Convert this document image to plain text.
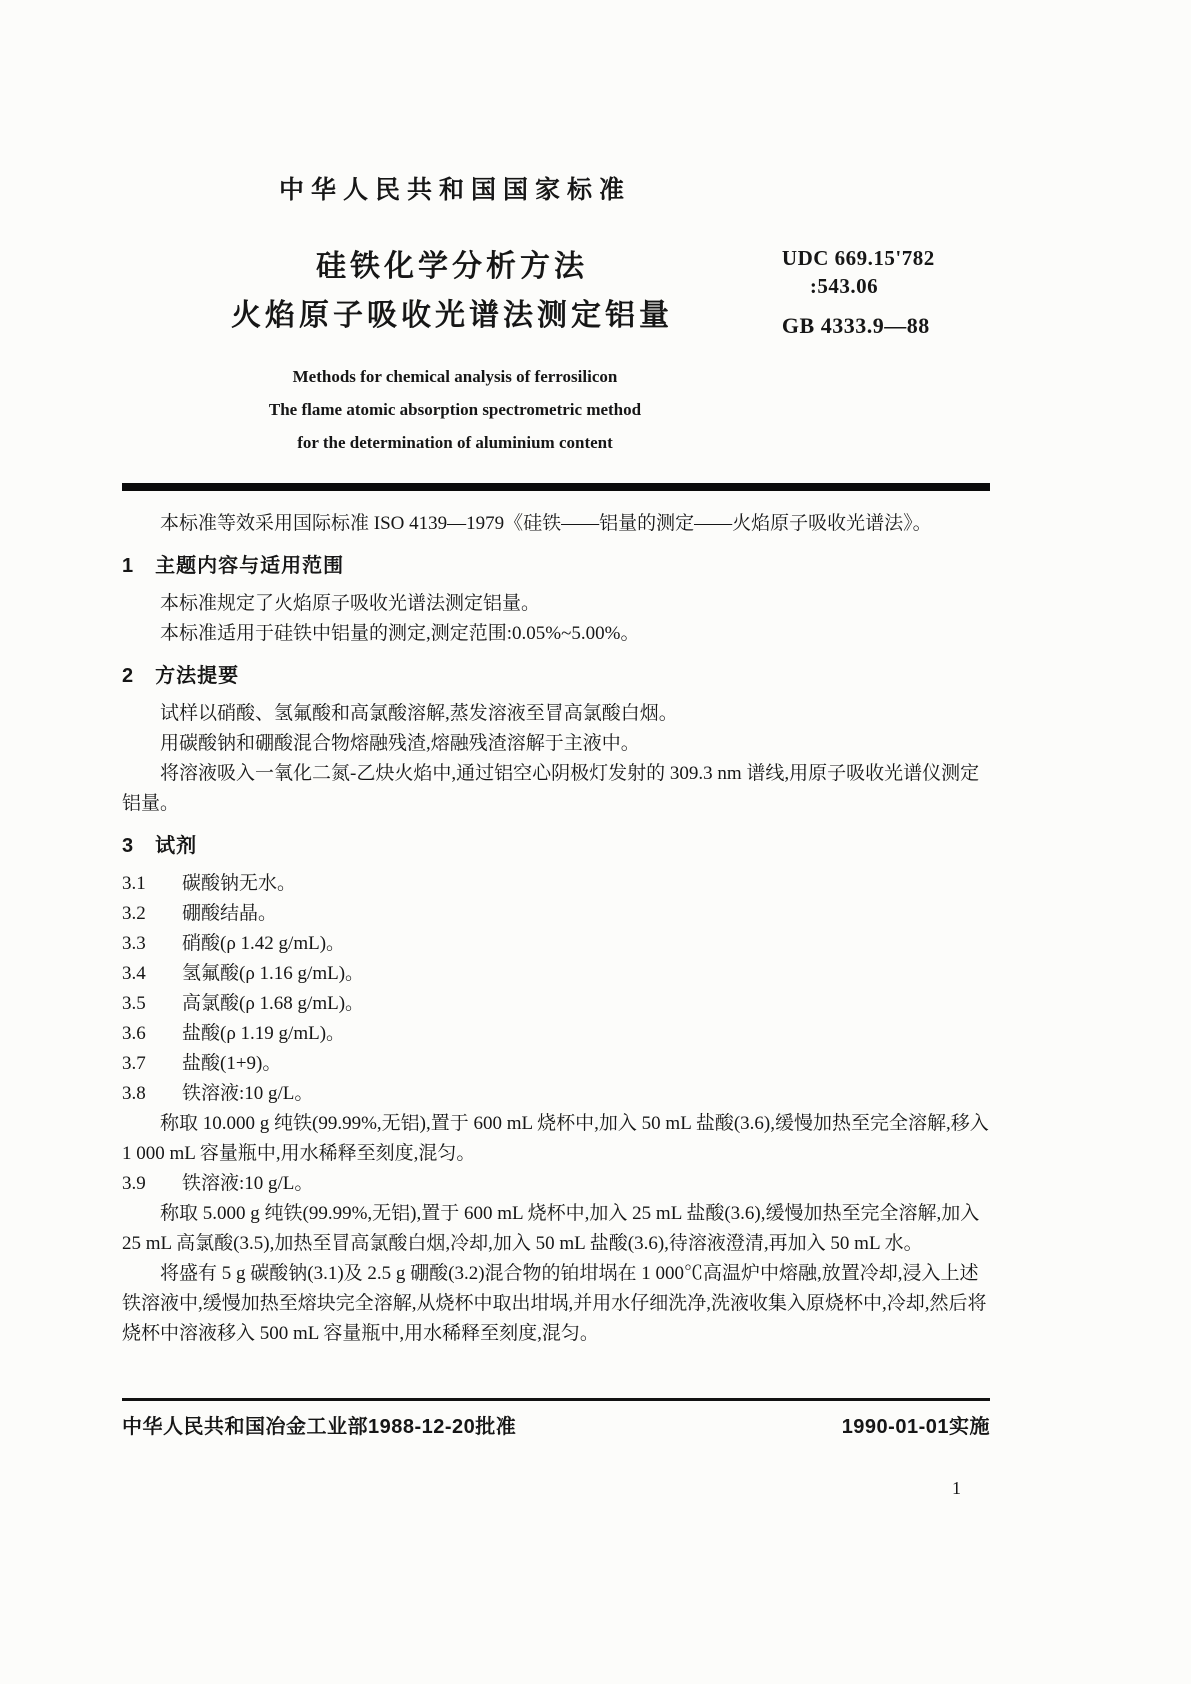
中华人民共和国国家标准
硅铁化学分析方法
火焰原子吸收光谱法测定铝量
UDC 669.15'782
:543.06
GB 4333.9—88
Methods for chemical analysis of ferrosilicon
The flame atomic absorption spectrometric method
for the determination of aluminium content

本标准等效采用国际标准 ISO 4139—1979《硅铁——铝量的测定——火焰原子吸收光谱法》。

1　主题内容与适用范围

本标准规定了火焰原子吸收光谱法测定铝量。

本标准适用于硅铁中铝量的测定,测定范围:0.05%~5.00%。

2　方法提要

试样以硝酸、氢氟酸和高氯酸溶解,蒸发溶液至冒高氯酸白烟。

用碳酸钠和硼酸混合物熔融残渣,熔融残渣溶解于主液中。

将溶液吸入一氧化二氮-乙炔火焰中,通过铝空心阴极灯发射的 309.3 nm 谱线,用原子吸收光谱仪测定铝量。

3　试剂
3.1	碳酸钠无水。
3.2	硼酸结晶。
3.3	硝酸(ρ 1.42 g/mL)。
3.4	氢氟酸(ρ 1.16 g/mL)。
3.5	高氯酸(ρ 1.68 g/mL)。
3.6	盐酸(ρ 1.19 g/mL)。
3.7	盐酸(1+9)。
3.8	铁溶液:10 g/L。

称取 10.000 g 纯铁(99.99%,无铝),置于 600 mL 烧杯中,加入 50 mL 盐酸(3.6),缓慢加热至完全溶解,移入 1 000 mL 容量瓶中,用水稀释至刻度,混匀。

3.9	铁溶液:10 g/L。

称取 5.000 g 纯铁(99.99%,无铝),置于 600 mL 烧杯中,加入 25 mL 盐酸(3.6),缓慢加热至完全溶解,加入 25 mL 高氯酸(3.5),加热至冒高氯酸白烟,冷却,加入 50 mL 盐酸(3.6),待溶液澄清,再加入 50 mL 水。

将盛有 5 g 碳酸钠(3.1)及 2.5 g 硼酸(3.2)混合物的铂坩埚在 1 000℃高温炉中熔融,放置冷却,浸入上述铁溶液中,缓慢加热至熔块完全溶解,从烧杯中取出坩埚,并用水仔细洗净,洗液收集入原烧杯中,冷却,然后将烧杯中溶液移入 500 mL 容量瓶中,用水稀释至刻度,混匀。

中华人民共和国冶金工业部1988-12-20批准	1990-01-01实施
1
